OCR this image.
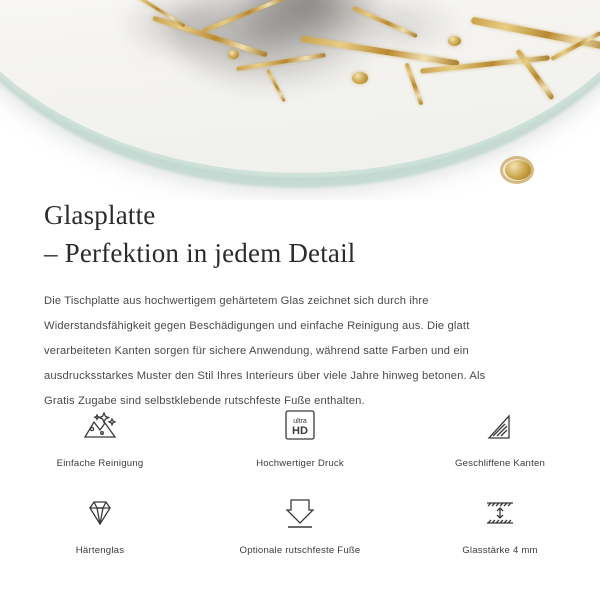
Glasplatte
– Perfektion in jedem Detail

Die Tischplatte aus hochwertigem gehärtetem Glas zeichnet sich durch ihre Widerstandsfähigkeit gegen Beschädigungen und einfache Reinigung aus. Die glatt verarbeiteten Kanten sorgen für sichere Anwendung, während satte Farben und ein ausdrucksstarkes Muster den Stil Ihres Interieurs über viele Jahre hinweg betonen. Als Gratis Zugabe sind selbstklebende rutschfeste Fuße enthalten.

Einfache Reinigung
ultra
HD
Hochwertiger Druck	Geschliffene Kanten
Härtenglas	Optionale rutschfeste Fuße	Glasstärke 4 mm
